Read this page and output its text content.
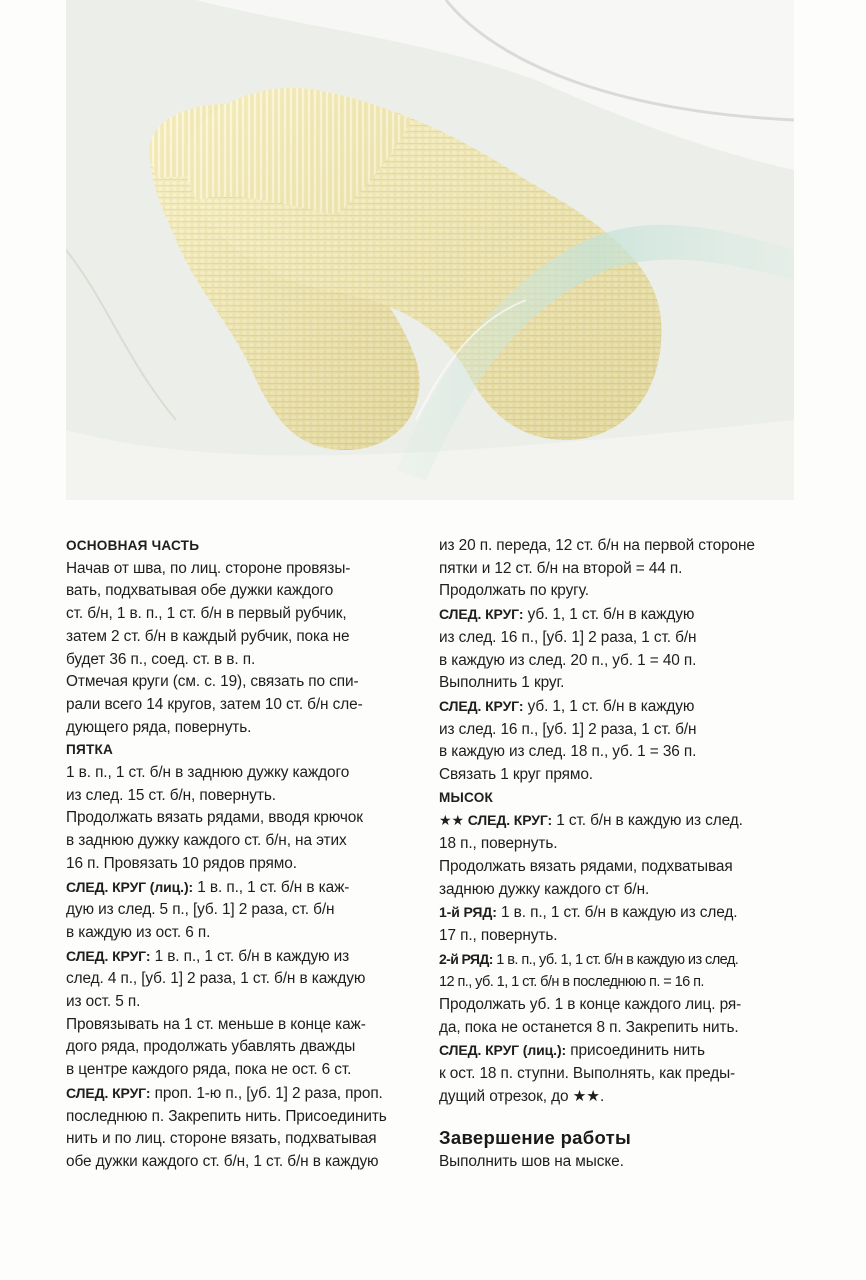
ОСНОВНАЯ ЧАСТЬ

Начав от шва, по лиц. стороне провязы-

вать, подхватывая обе дужки каждого

ст. б/н, 1 в. п., 1 ст. б/н в первый рубчик,

затем 2 ст. б/н в каждый рубчик, пока не

будет 36 п., соед. ст. в в. п.

Отмечая круги (см. с. 19), связать по спи-

рали всего 14 кругов, затем 10 ст. б/н сле-

дующего ряда, повернуть.

ПЯТКА

1 в. п., 1 ст. б/н в заднюю дужку каждого

из след. 15 ст. б/н, повернуть.

Продолжать вязать рядами, вводя крючок

в заднюю дужку каждого ст. б/н, на этих

16 п. Провязать 10 рядов прямо.

СЛЕД. КРУГ (лиц.): 1 в. п., 1 ст. б/н в каж-

дую из след. 5 п., [уб. 1] 2 раза, ст. б/н

в каждую из ост. 6 п.

СЛЕД. КРУГ: 1 в. п., 1 ст. б/н в каждую из

след. 4 п., [уб. 1] 2 раза, 1 ст. б/н в каждую

из ост. 5 п.

Провязывать на 1 ст. меньше в конце каж-

дого ряда, продолжать убавлять дважды

в центре каждого ряда, пока не ост. 6 ст.

СЛЕД. КРУГ: проп. 1-ю п., [уб. 1] 2 раза, проп.

последнюю п. Закрепить нить. Присоединить

нить и по лиц. стороне вязать, подхватывая

обе дужки каждого ст. б/н, 1 ст. б/н в каждую

из 20 п. переда, 12 ст. б/н на первой стороне

пятки и 12 ст. б/н на второй = 44 п.

Продолжать по кругу.

СЛЕД. КРУГ: уб. 1, 1 ст. б/н в каждую

из след. 16 п., [уб. 1] 2 раза, 1 ст. б/н

в каждую из след. 20 п., уб. 1 = 40 п.

Выполнить 1 круг.

СЛЕД. КРУГ: уб. 1, 1 ст. б/н в каждую

из след. 16 п., [уб. 1] 2 раза, 1 ст. б/н

в каждую из след. 18 п., уб. 1 = 36 п.

Связать 1 круг прямо.

МЫСОК

★★ СЛЕД. КРУГ: 1 ст. б/н в каждую из след.

18 п., повернуть.

Продолжать вязать рядами, подхватывая

заднюю дужку каждого ст б/н.

1-й РЯД: 1 в. п., 1 ст. б/н в каждую из след.

17 п., повернуть.

2-й РЯД: 1 в. п., уб. 1, 1 ст. б/н в каждую из след.

12 п., уб. 1, 1 ст. б/н в последнюю п. = 16 п.

Продолжать уб. 1 в конце каждого лиц. ря-

да, пока не останется 8 п. Закрепить нить.

СЛЕД. КРУГ (лиц.): присоединить нить

к ост. 18 п. ступни. Выполнять, как преды-

дущий отрезок, до ★★.

Завершение работы

Выполнить шов на мыске.
